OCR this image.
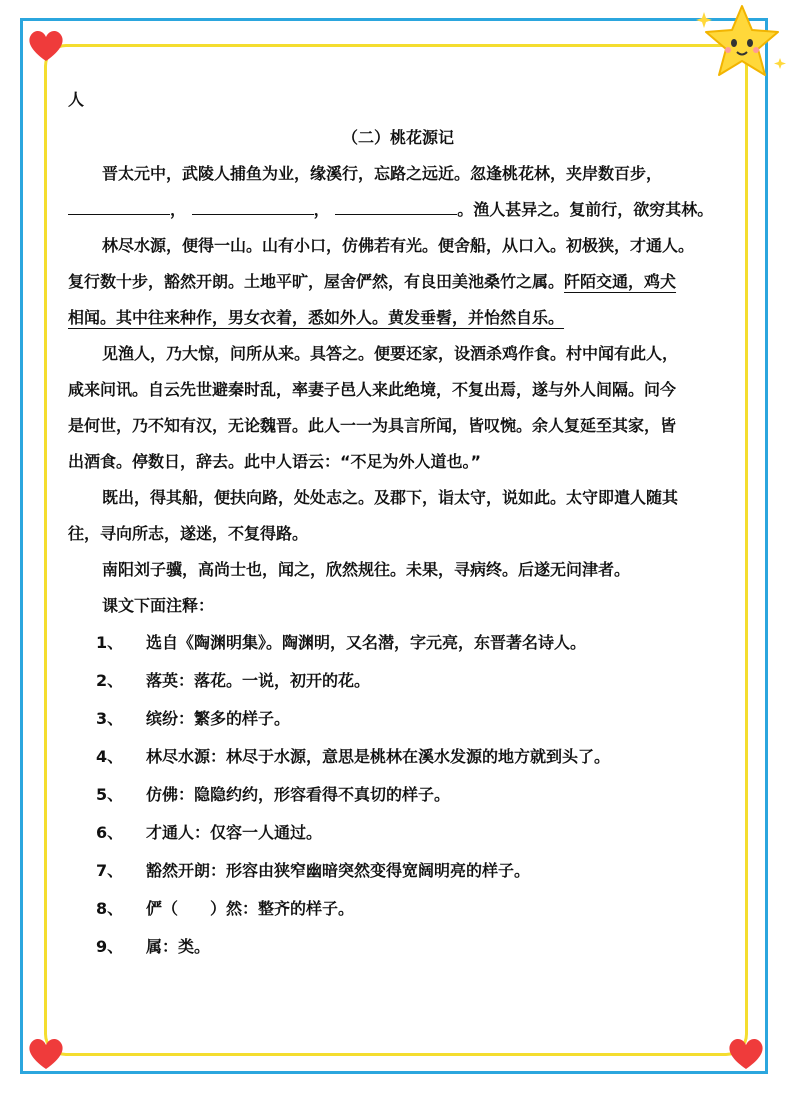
人
（二）桃花源记
晋太元中，武陵人捕鱼为业，缘溪行，忘路之远近。忽逢桃花林，夹岸数百步，
，	，	。渔人甚异之。复前行，欲穷其林。
林尽水源，便得一山。山有小口，仿佛若有光。便舍船，从口入。初极狭，才通人。
复行数十步，豁然开朗。土地平旷，屋舍俨然，有良田美池桑竹之属。阡陌交通，鸡犬
相闻。其中往来种作，男女衣着，悉如外人。黄发垂髫，并怡然自乐。
见渔人，乃大惊，问所从来。具答之。便要还家，设酒杀鸡作食。村中闻有此人，
咸来问讯。自云先世避秦时乱，率妻子邑人来此绝境，不复出焉，遂与外人间隔。问今
是何世，乃不知有汉，无论魏晋。此人一一为具言所闻，皆叹惋。余人复延至其家，皆
出酒食。停数日，辞去。此中人语云：“不足为外人道也。”
既出，得其船，便扶向路，处处志之。及郡下，诣太守，说如此。太守即遣人随其
往，寻向所志，遂迷，不复得路。
南阳刘子骥，高尚士也，闻之，欣然规往。未果，寻病终。后遂无问津者。
课文下面注释：
1、	选自《陶渊明集》。陶渊明，又名潜，字元亮，东晋著名诗人。
2、	落英：落花。一说，初开的花。
3、	缤纷：繁多的样子。
4、	林尽水源：林尽于水源，意思是桃林在溪水发源的地方就到头了。
5、	仿佛：隐隐约约，形容看得不真切的样子。
6、	才通人：仅容一人通过。
7、	豁然开朗：形容由狭窄幽暗突然变得宽阔明亮的样子。
8、	俨（　　）然：整齐的样子。
9、	属：类。
